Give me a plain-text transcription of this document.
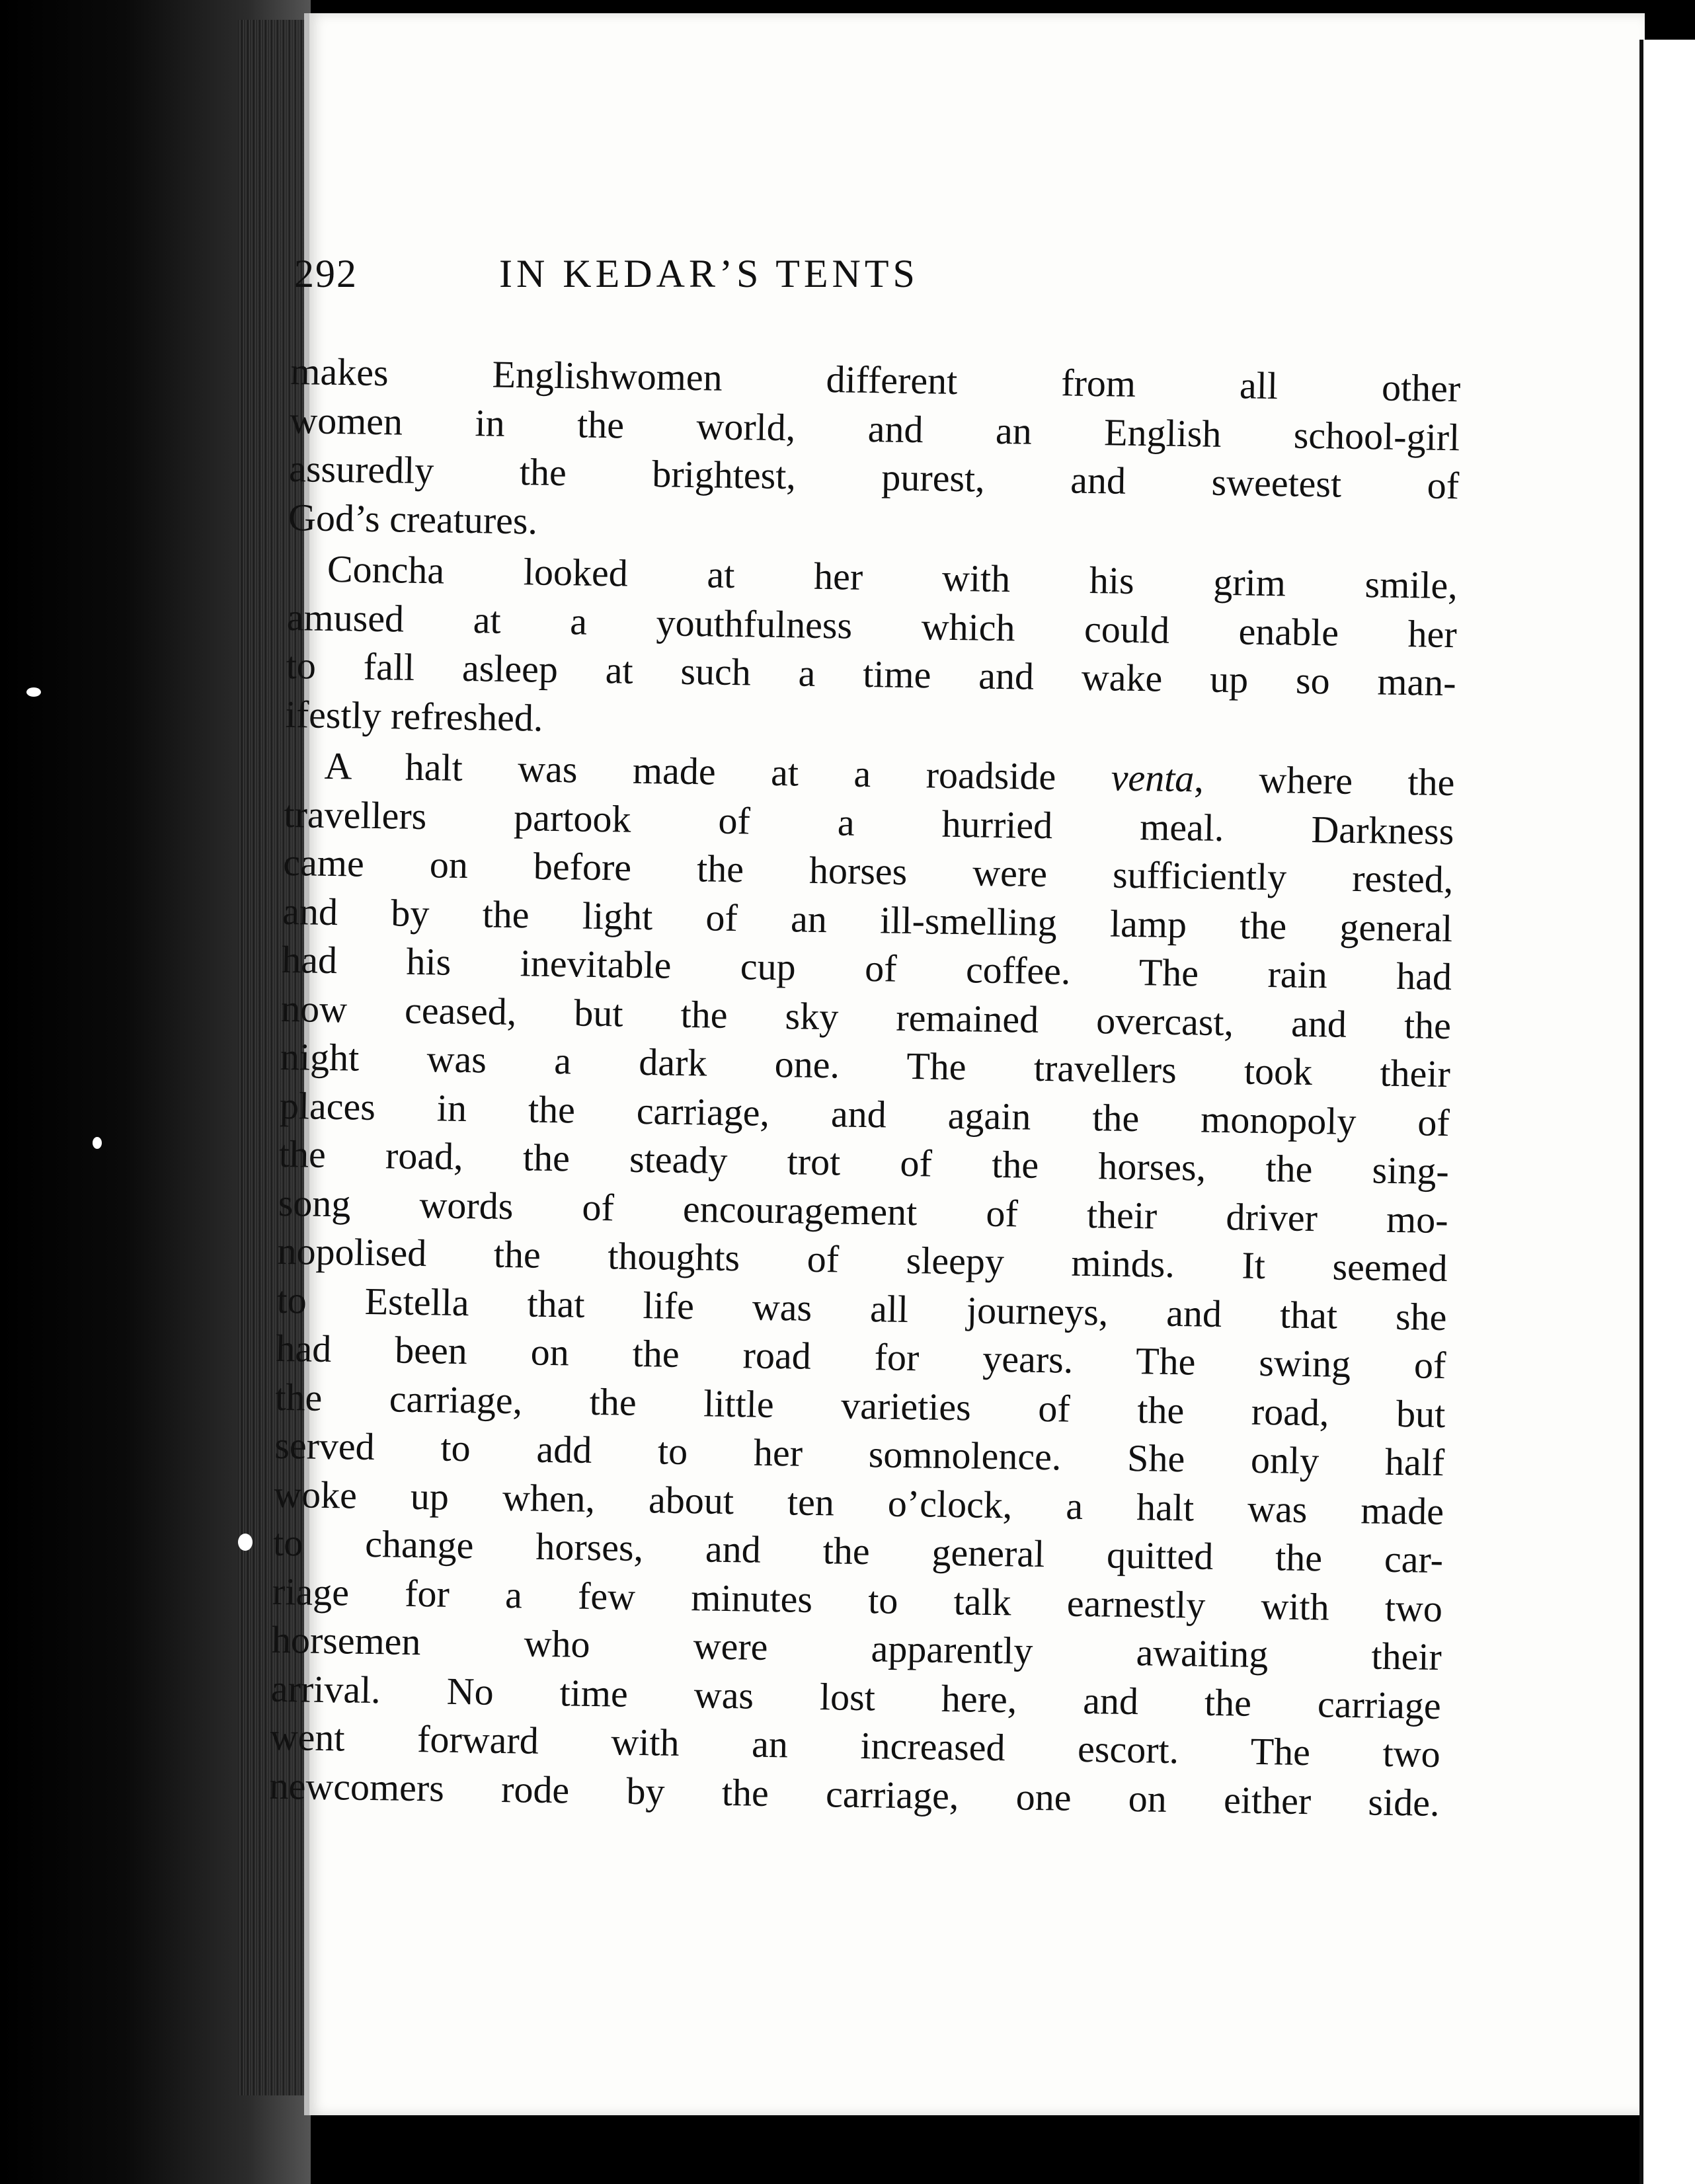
292	IN KEDAR’S TENTS

makes Englishwomen different from all other
women in the world, and an English school-girl
assuredly the brightest, purest, and sweetest of
God’s creatures.

Concha looked at her with his grim smile,

amused at a youthfulness which could enable her
to fall asleep at such a time and wake up so man-
ifestly refreshed.

A halt was made at a roadside venta, where the

travellers partook of a hurried meal. Darkness
came on before the horses were sufficiently rested,
and by the light of an ill-smelling lamp the general
had his inevitable cup of coffee. The rain had
now ceased, but the sky remained overcast, and the
night was a dark one. The travellers took their
places in the carriage, and again the monopoly of
the road, the steady trot of the horses, the sing-
song words of encouragement of their driver mo-
nopolised the thoughts of sleepy minds. It seemed
to Estella that life was all journeys, and that she
had been on the road for years. The swing of
the carriage, the little varieties of the road, but
served to add to her somnolence. She only half
woke up when, about ten o’clock, a halt was made
to change horses, and the general quitted the car-
riage for a few minutes to talk earnestly with two
horsemen who were apparently awaiting their
arrival. No time was lost here, and the carriage
went forward with an increased escort. The two
newcomers rode by the carriage, one on either side.
